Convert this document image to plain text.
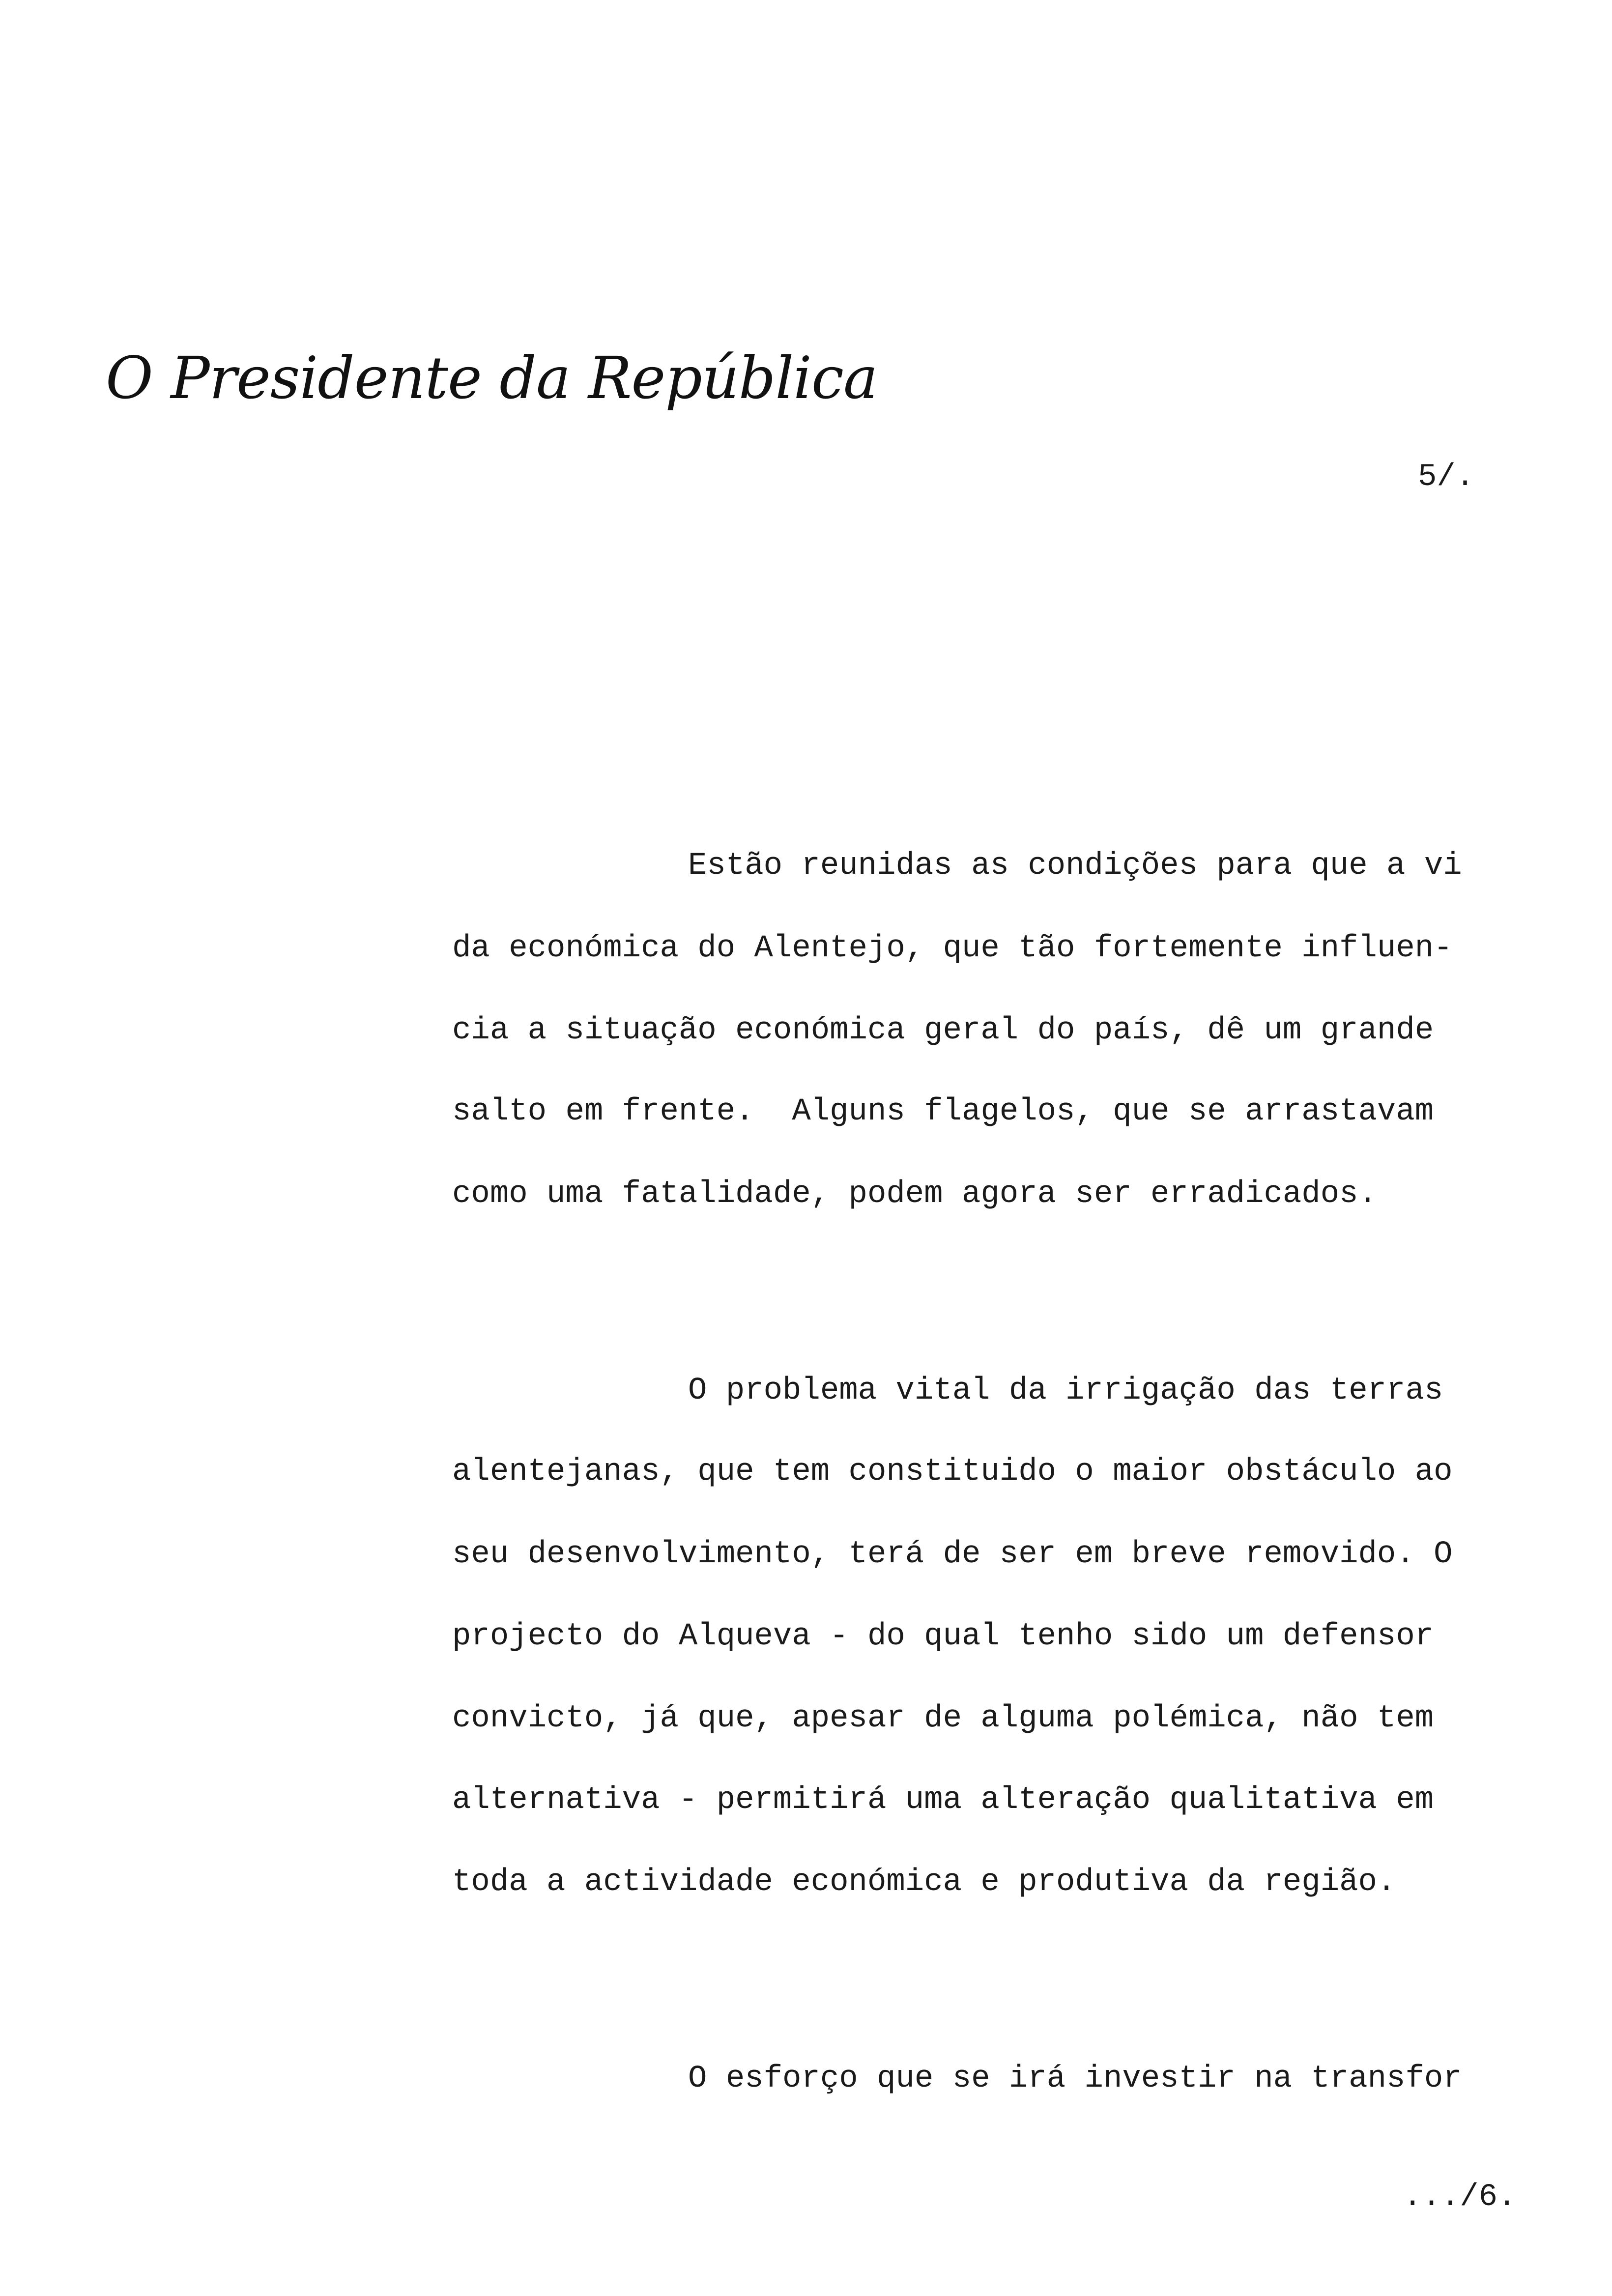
O Presidente da República
5/.

Estão reunidas as condições para que a vi

da económica do Alentejo, que tão fortemente influen-

cia a situação económica geral do país, dê um grande

salto em frente.  Alguns flagelos, que se arrastavam

como uma fatalidade, podem agora ser erradicados.

O problema vital da irrigação das terras

alentejanas, que tem constituido o maior obstáculo ao

seu desenvolvimento, terá de ser em breve removido. O

projecto do Alqueva - do qual tenho sido um defensor

convicto, já que, apesar de alguma polémica, não tem

alternativa - permitirá uma alteração qualitativa em

toda a actividade económica e produtiva da região.

O esforço que se irá investir na transfor

.../6.
